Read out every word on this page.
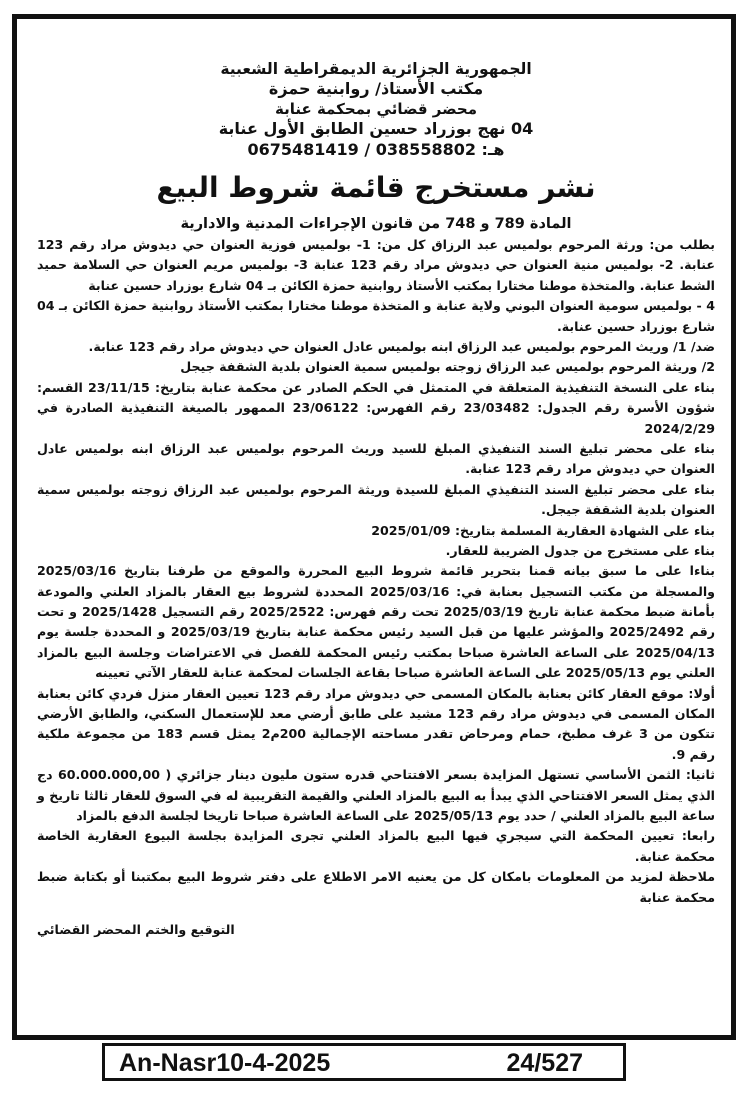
الجمهورية الجزائرية الديمقراطية الشعبية
مكتب الأستاذ/ روابنية حمزة
محضر قضائي بمحكمة عنابة
04 نهج بوزراد حسين الطابق الأول عنابة
هـ: 038558802 / 0675481419
نشر مستخرج قائمة شروط البيع
المادة 789 و 748 من قانون الإجراءات المدنية والادارية

بطلب من: ورثة المرحوم بولميس عبد الرزاق كل من: 1- بولميس فوزية العنوان حي ديدوش مراد رقم 123 عنابة. 2- بولميس منية العنوان حي ديدوش مراد رقم 123 عنابة 3- بولميس مريم العنوان حي السلامة حميد الشط عنابة. والمتخذة موطنا مختارا بمكتب الأستاذ روابنية حمزة الكائن بـ 04 شارع بوزراد حسين عنابة

4 - بولميس سومية العنوان البوني ولاية عنابة و المتخذة موطنا مختارا بمكتب الأستاذ روابنية حمزة الكائن بـ 04 شارع بوزراد حسين عنابة.

ضد/ 1/ وريث المرحوم بولميس عبد الرزاق ابنه بولميس عادل العنوان حي ديدوش مراد رقم 123 عنابة.

2/ وريثة المرحوم بولميس عبد الرزاق زوجته بولميس سمية العنوان بلدية الشقفة جيجل

بناء على النسخة التنفيذية المتعلقة في المتمثل في الحكم الصادر عن محكمة عنابة بتاريخ: 23/11/15 القسم: شؤون الأسرة رقم الجدول: 23/03482 رقم الفهرس: 23/06122 الممهور بالصيغة التنفيذية الصادرة في 2024/2/29

بناء على محضر تبليغ السند التنفيذي المبلغ للسيد وريث المرحوم بولميس عبد الرزاق ابنه بولميس عادل العنوان حي ديدوش مراد رقم 123 عنابة.

بناء على محضر تبليغ السند التنفيذي المبلغ للسيدة وريثة المرحوم بولميس عبد الرزاق زوجته بولميس سمية العنوان بلدية الشقفة جيجل.

بناء على الشهادة العقارية المسلمة بتاريخ: 2025/01/09

بناء على مستخرج من جدول الضريبة للعقار.

بناءا على ما سبق بيانه قمنا بتحرير قائمة شروط البيع المحررة والموقع من طرفنا بتاريخ 2025/03/16 والمسجلة من مكتب التسجيل بعنابة في: 2025/03/16 المحددة لشروط بيع العقار بالمزاد العلني والمودعة بأمانة ضبط محكمة عنابة تاريخ 2025/03/19 تحت رقم فهرس: 2025/2522 رقم التسجيل 2025/1428 و تحت رقم 2025/2492 والمؤشر عليها من قبل السيد رئيس محكمة عنابة بتاريخ 2025/03/19 و المحددة جلسة يوم 2025/04/13 على الساعة العاشرة صباحا بمكتب رئيس المحكمة للفصل في الاعتراضات وجلسة البيع بالمزاد العلني يوم 2025/05/13 على الساعة العاشرة صباحا بقاعة الجلسات لمحكمة عنابة للعقار الآتي تعيينه

أولا: موقع العقار كائن بعنابة بالمكان المسمى حي ديدوش مراد رقم 123 تعيين العقار منزل فردي كائن بعنابة المكان المسمى في ديدوش مراد رقم 123 مشيد على طابق أرضي معد للإستعمال السكني، والطابق الأرضي تتكون من 3 غرف مطبخ، حمام ومرحاض تقدر مساحته الإجمالية 200م2 يمثل قسم 183 من مجموعة ملكية رقم 9.

ثانيا: الثمن الأساسي تستهل المزايدة بسعر الافتتاحي قدره ستون مليون دينار جزائري ( 60.000.000,00 دج الذي يمثل السعر الافتتاحي الذي يبدأ به البيع بالمزاد العلني والقيمة التقريبية له في السوق للعقار ثالثا تاريخ و ساعة البيع بالمزاد العلني / حدد يوم 2025/05/13 على الساعة العاشرة صباحا تاريخا لجلسة الدفع بالمزاد

رابعا: تعيين المحكمة التي سيجري فيها البيع بالمزاد العلني تجرى المزايدة بجلسة البيوع العقارية الخاصة محكمة عنابة.

ملاحظة لمزيد من المعلومات بامكان كل من يعنيه الامر الاطلاع على دفتر شروط البيع بمكتبنا أو بكتابة ضبط محكمة عنابة

التوقيع والختم المحضر القضائي
An-Nasr10-4-2025	24/527
